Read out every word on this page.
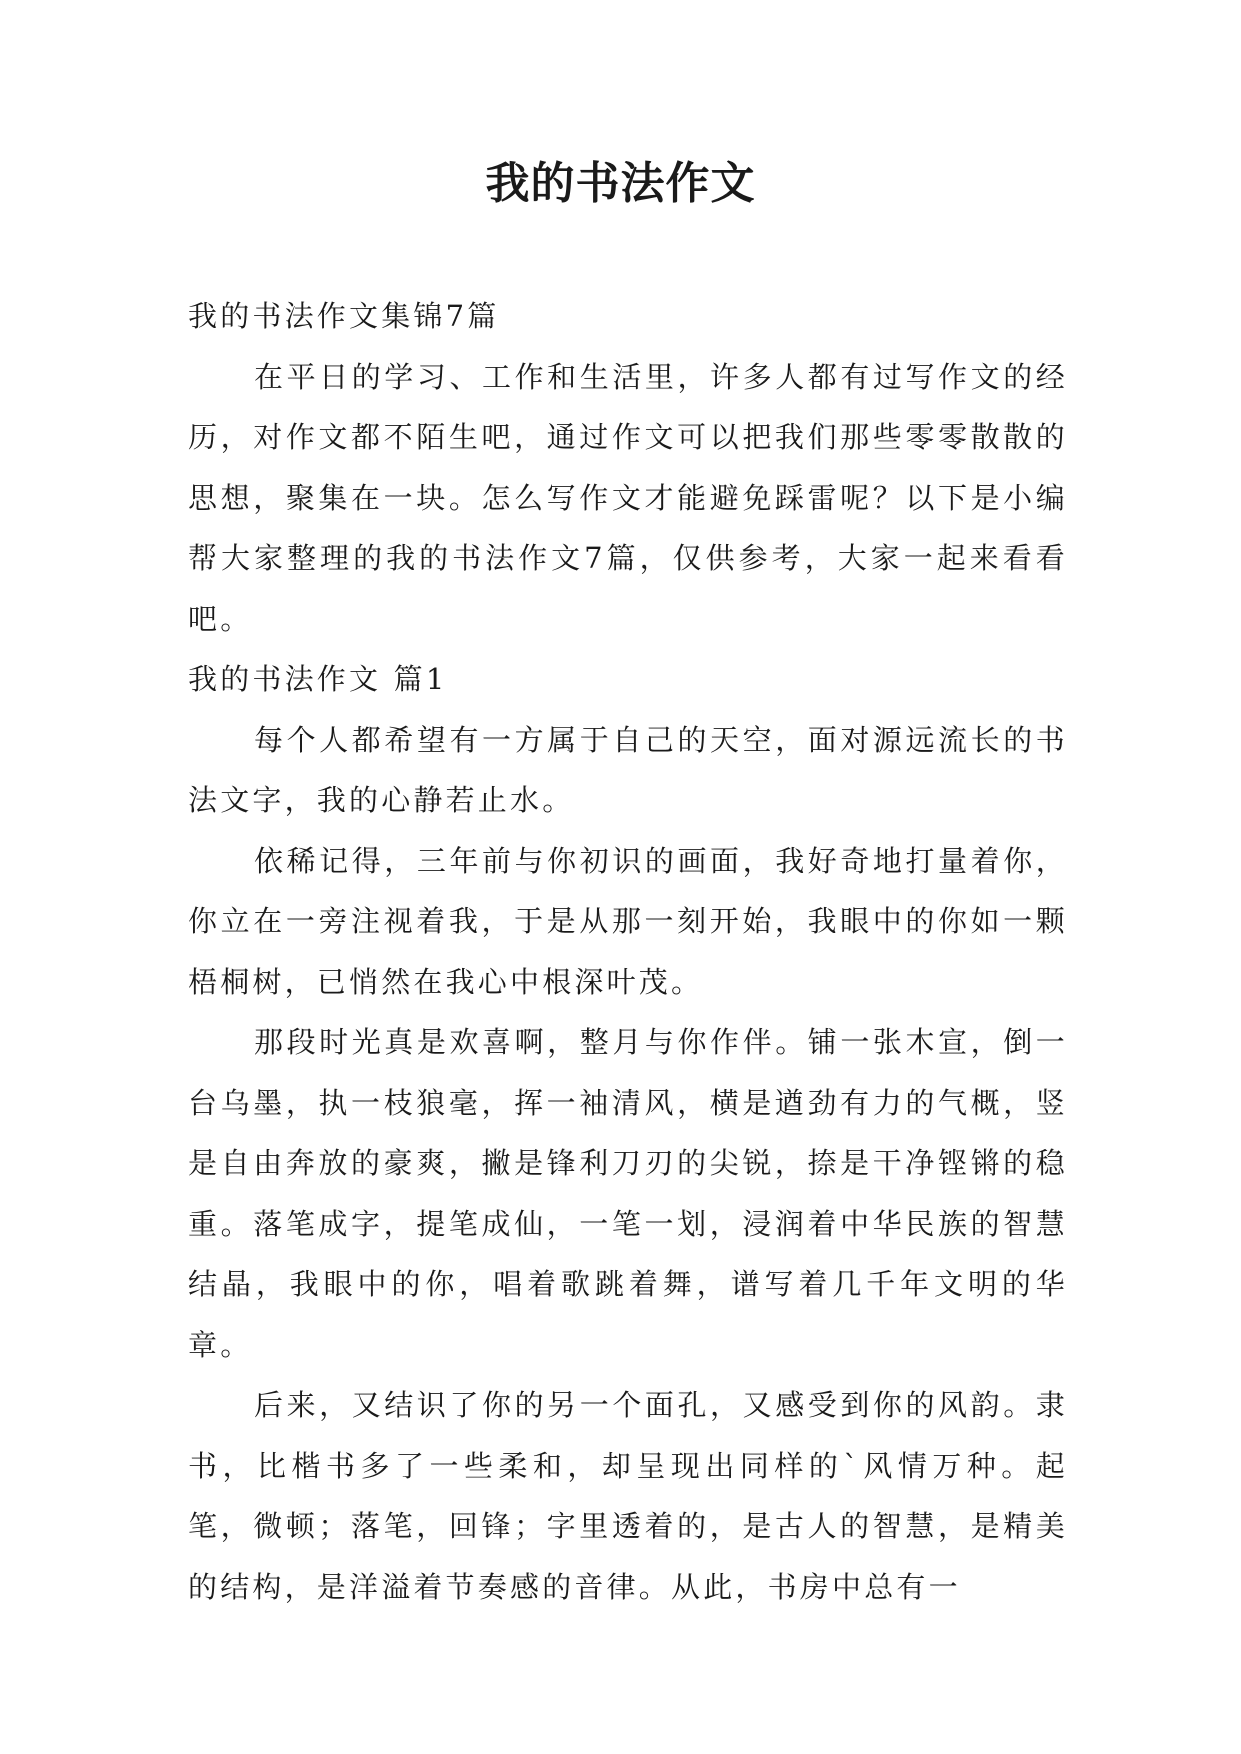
我的书法作文

我的书法作文集锦7篇

在平日的学习、工作和生活里，许多人都有过写作文的经历，对作文都不陌生吧，通过作文可以把我们那些零零散散的思想，聚集在一块。怎么写作文才能避免踩雷呢？以下是小编帮大家整理的我的书法作文7篇，仅供参考，大家一起来看看吧。

我的书法作文 篇1

每个人都希望有一方属于自己的天空，面对源远流长的书法文字，我的心静若止水。

依稀记得，三年前与你初识的画面，我好奇地打量着你，你立在一旁注视着我，于是从那一刻开始，我眼中的你如一颗梧桐树，已悄然在我心中根深叶茂。

那段时光真是欢喜啊，整月与你作伴。铺一张木宣，倒一台乌墨，执一枝狼毫，挥一袖清风，横是遒劲有力的气概，竖是自由奔放的豪爽，撇是锋利刀刃的尖锐，捺是干净铿锵的稳重。落笔成字，提笔成仙，一笔一划，浸润着中华民族的智慧结晶，我眼中的你，唱着歌跳着舞，谱写着几千年文明的华章。

后来，又结识了你的另一个面孔，又感受到你的风韵。隶书，比楷书多了一些柔和，却呈现出同样的`风情万种。起笔，微顿；落笔，回锋；字里透着的，是古人的智慧，是精美的结构，是洋溢着节奏感的音律。从此，书房中总有一
